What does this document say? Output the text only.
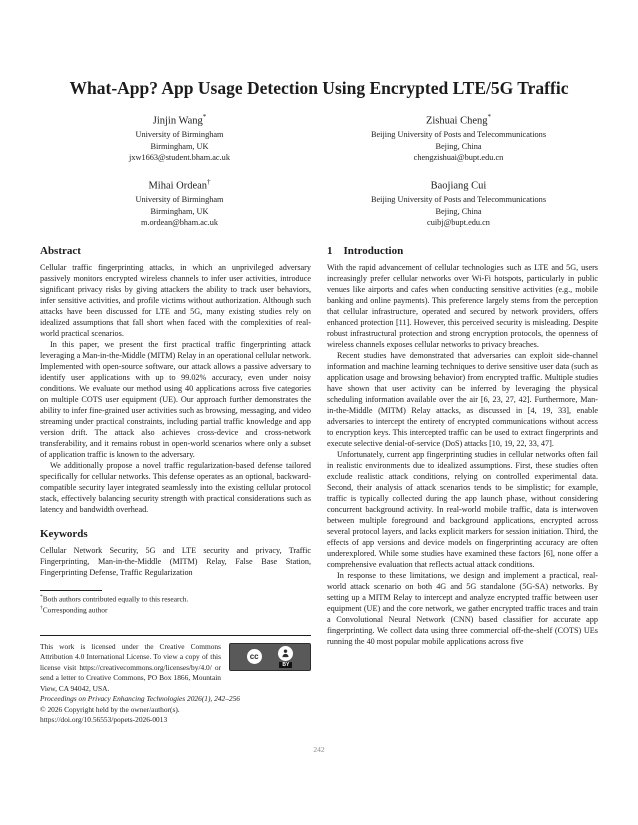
What-App? App Usage Detection Using Encrypted LTE/5G Traffic
Jinjin Wang*
University of Birmingham
Birmingham, UK
jxw1663@student.bham.ac.uk
Zishuai Cheng*
Beijing University of Posts and Telecommunications
Bejing, China
chengzishuai@bupt.edu.cn
Mihai Ordean†
University of Birmingham
Birmingham, UK
m.ordean@bham.ac.uk
Baojiang Cui
Beijing University of Posts and Telecommunications
Bejing, China
cuibj@bupt.edu.cn
Abstract

Cellular traffic fingerprinting attacks, in which an unprivileged adversary passively monitors encrypted wireless channels to infer user activities, introduce significant privacy risks by giving attackers the ability to track user behaviors, infer sensitive activities, and profile victims without authorization. Although such attacks have been discussed for LTE and 5G, many existing studies rely on idealized assumptions that fall short when faced with the complexities of real-world practical scenarios.

In this paper, we present the first practical traffic fingerprinting attack leveraging a Man-in-the-Middle (MITM) Relay in an operational cellular network. Implemented with open-source software, our attack allows a passive adversary to identify user applications with up to 99.02% accuracy, even under noisy conditions. We evaluate our method using 40 applications across five categories on multiple COTS user equipment (UE). Our approach further demonstrates the ability to infer fine-grained user activities such as browsing, messaging, and video streaming under practical constraints, including partial traffic knowledge and app version drift. The attack also achieves cross-device and cross-network transferability, and it remains robust in open-world scenarios where only a subset of application traffic is known to the adversary.

We additionally propose a novel traffic regularization-based defense tailored specifically for cellular networks. This defense operates as an optional, backward-compatible security layer integrated seamlessly into the existing cellular protocol stack, effectively balancing security strength with practical considerations such as latency and bandwidth overhead.

Keywords

Cellular Network Security, 5G and LTE security and privacy, Traffic Fingerprinting, Man-in-the-Middle (MITM) Relay, False Base Station, Fingerprinting Defense, Traffic Regularization

*Both authors contributed equally to this research.
†Corresponding author
cc
BY
This work is licensed under the Creative Commons Attribution 4.0 International License. To view a copy of this license visit https://creativecommons.org/licenses/by/4.0/ or send a letter to Creative Commons, PO Box 1866, Mountain View, CA 94042, USA.
Proceedings on Privacy Enhancing Technologies 2026(1), 242–256
© 2026 Copyright held by the owner/author(s).
https://doi.org/10.56553/popets-2026-0013
1 Introduction

With the rapid advancement of cellular technologies such as LTE and 5G, users increasingly prefer cellular networks over Wi-Fi hotspots, particularly in public venues like airports and cafes when conducting sensitive activities (e.g., mobile banking and online payments). This preference largely stems from the perception that cellular infrastructure, operated and secured by network providers, offers enhanced protection [11]. However, this perceived security is misleading. Despite robust infrastructural protection and strong encryption protocols, the openness of wireless channels exposes cellular networks to privacy breaches.

Recent studies have demonstrated that adversaries can exploit side-channel information and machine learning techniques to derive sensitive user data (such as application usage and browsing behavior) from encrypted traffic. Multiple studies have shown that user activity can be inferred by leveraging the physical scheduling information available over the air [6, 23, 27, 42]. Furthermore, Man-in-the-Middle (MITM) Relay attacks, as discussed in [4, 19, 33], enable adversaries to intercept the entirety of encrypted communications without access to encryption keys. This intercepted traffic can be used to extract fingerprints and execute selective denial-of-service (DoS) attacks [10, 19, 22, 33, 47].

Unfortunately, current app fingerprinting studies in cellular networks often fail in realistic environments due to idealized assumptions. First, these studies often exclude realistic attack conditions, relying on controlled experimental data. Second, their analysis of attack scenarios tends to be simplistic; for example, traffic is typically collected during the app launch phase, without considering concurrent background activity. In real-world mobile traffic, data is interwoven between multiple foreground and background applications, encrypted across several protocol layers, and lacks explicit markers for session initiation. Third, the effects of app versions and device models on fingerprinting accuracy are often underexplored. While some studies have examined these factors [6], none offer a comprehensive evaluation that reflects actual attack conditions.

In response to these limitations, we design and implement a practical, real-world attack scenario on both 4G and 5G standalone (5G-SA) networks. By setting up a MITM Relay to intercept and analyze encrypted traffic between user equipment (UE) and the core network, we gather encrypted traffic traces and train a Convolutional Neural Network (CNN) based classifier for accurate app fingerprinting. We collect data using three commercial off-the-shelf (COTS) UEs running the 40 most popular mobile applications across five

242
